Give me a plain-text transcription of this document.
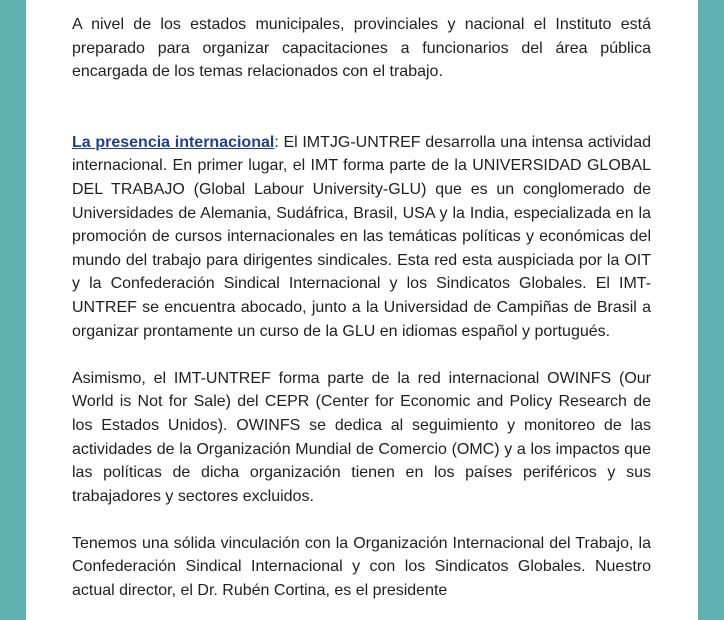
A nivel de los estados municipales, provinciales y nacional el Instituto está preparado para organizar capacitaciones a funcionarios del área pública encargada de los temas relacionados con el trabajo.

La presencia internacional: El IMTJG-UNTREF desarrolla una intensa actividad internacional. En primer lugar, el IMT forma parte de la UNIVERSIDAD GLOBAL DEL TRABAJO (Global Labour University-GLU) que es un conglomerado de Universidades de Alemania, Sudáfrica, Brasil, USA y la India, especializada en la promoción de cursos internacionales en las temáticas políticas y económicas del mundo del trabajo para dirigentes sindicales. Esta red esta auspiciada por la OIT y la Confederación Sindical Internacional y los Sindicatos Globales. El IMT-UNTREF se encuentra abocado, junto a la Universidad de Campiñas de Brasil a organizar prontamente un curso de la GLU en idiomas español y portugués.

Asimismo, el IMT-UNTREF forma parte de la red internacional OWINFS (Our World is Not for Sale) del CEPR (Center for Economic and Policy Research de los Estados Unidos). OWINFS se dedica al seguimiento y monitoreo de las actividades de la Organización Mundial de Comercio (OMC) y a los impactos que las políticas de dicha organización tienen en los países periféricos y sus trabajadores y sectores excluidos.

Tenemos una sólida vinculación con la Organización Internacional del Trabajo, la Confederación Sindical Internacional y con los Sindicatos Globales. Nuestro actual director, el Dr. Rubén Cortina, es el presidente
